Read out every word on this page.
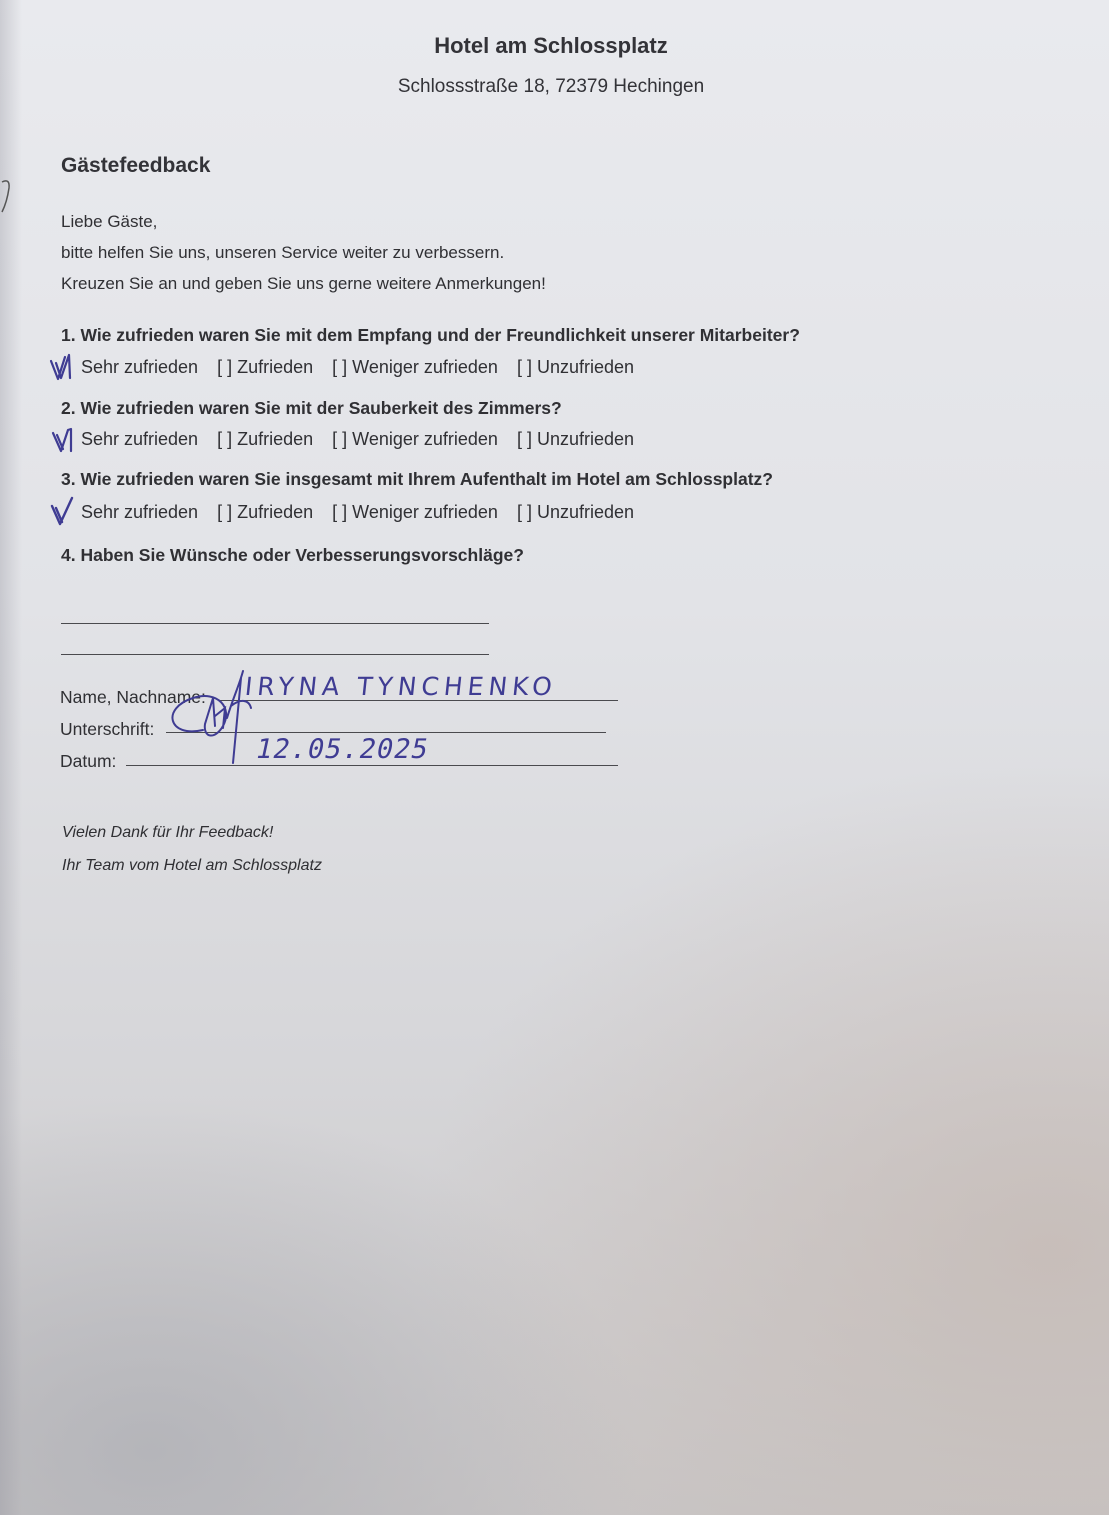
Hotel am Schlossplatz
Schlossstraße 18, 72379 Hechingen
Gästefeedback
Liebe Gäste,
bitte helfen Sie uns, unseren Service weiter zu verbessern.
Kreuzen Sie an und geben Sie uns gerne weitere Anmerkungen!
1. Wie zufrieden waren Sie mit dem Empfang und der Freundlichkeit unserer Mitarbeiter?
Sehr zufrieden [ ] Zufrieden [ ] Weniger zufrieden [ ] Unzufrieden
2. Wie zufrieden waren Sie mit der Sauberkeit des Zimmers?
Sehr zufrieden [ ] Zufrieden [ ] Weniger zufrieden [ ] Unzufrieden
3. Wie zufrieden waren Sie insgesamt mit Ihrem Aufenthalt im Hotel am Schlossplatz?
Sehr zufrieden [ ] Zufrieden [ ] Weniger zufrieden [ ] Unzufrieden
4. Haben Sie Wünsche oder Verbesserungsvorschläge?
Name, Nachname: IRYNA TYNCHENKO
Unterschrift:
Datum:	12.05.2025
Vielen Dank für Ihr Feedback!
Ihr Team vom Hotel am Schlossplatz
